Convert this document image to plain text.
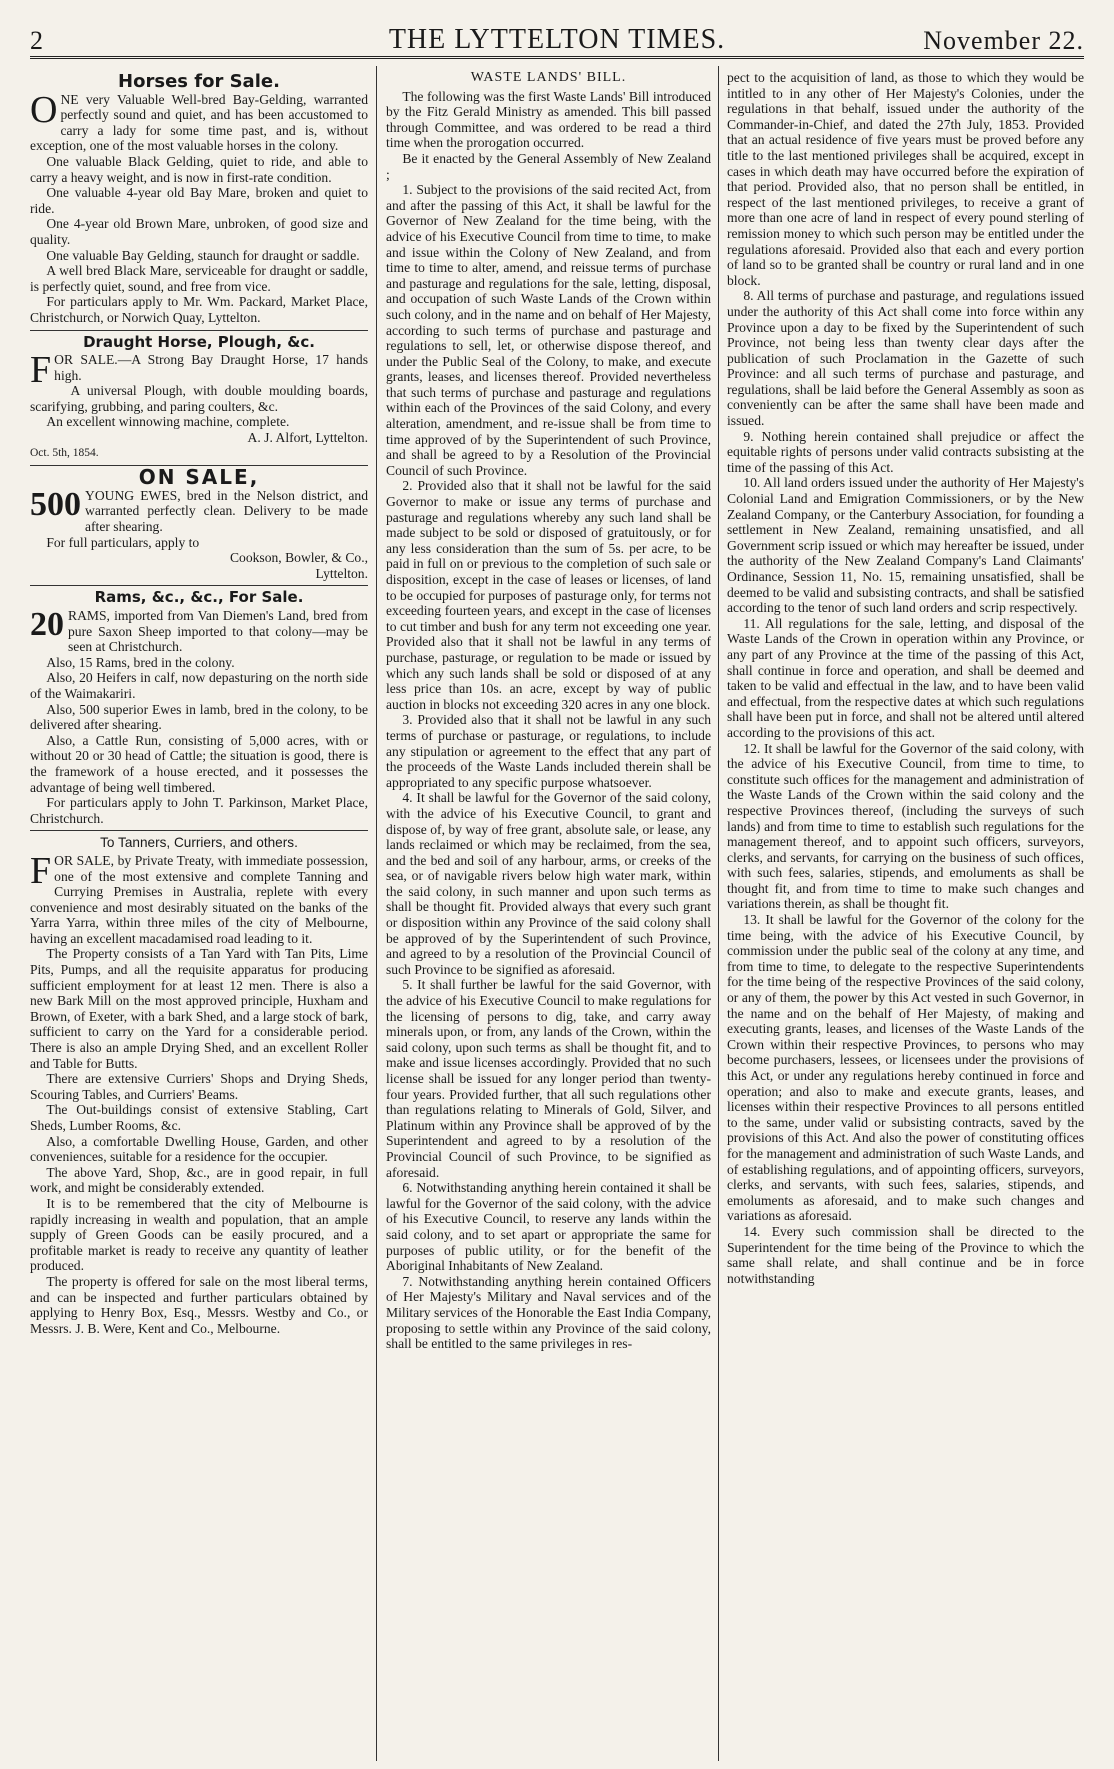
2	THE LYTTELTON TIMES.	November 22.
Horses for Sale.

ONE very Valuable Well-bred Bay-Gelding, warranted perfectly sound and quiet, and has been accustomed to carry a lady for some time past, and is, without exception, one of the most valuable horses in the colony.

One valuable Black Gelding, quiet to ride, and able to carry a heavy weight, and is now in first-rate condition.

One valuable 4-year old Bay Mare, broken and quiet to ride.

One 4-year old Brown Mare, unbroken, of good size and quality.

One valuable Bay Gelding, staunch for draught or saddle.

A well bred Black Mare, serviceable for draught or saddle, is perfectly quiet, sound, and free from vice.

For particulars apply to Mr. Wm. Packard, Market Place, Christchurch, or Norwich Quay, Lyttelton.

Draught Horse, Plough, &c.

FOR SALE.—A Strong Bay Draught Horse, 17 hands high.

A universal Plough, with double moulding boards, scarifying, grubbing, and paring coulters, &c.

An excellent winnowing machine, complete.

A. J. Alfort, Lyttelton.

Oct. 5th, 1854.

ON SALE,

500 YOUNG EWES, bred in the Nelson district, and warranted perfectly clean. Delivery to be made after shearing.

For full particulars, apply to

Cookson, Bowler, & Co.,

Lyttelton.

Rams, &c., &c., For Sale.

20 RAMS, imported from Van Diemen's Land, bred from pure Saxon Sheep imported to that colony—may be seen at Christchurch.

Also, 15 Rams, bred in the colony.

Also, 20 Heifers in calf, now depasturing on the north side of the Waimakariri.

Also, 500 superior Ewes in lamb, bred in the colony, to be delivered after shearing.

Also, a Cattle Run, consisting of 5,000 acres, with or without 20 or 30 head of Cattle; the situation is good, there is the framework of a house erected, and it possesses the advantage of being well timbered.

For particulars apply to John T. Parkinson, Market Place, Christchurch.

To Tanners, Curriers, and others.

FOR SALE, by Private Treaty, with immediate possession, one of the most extensive and complete Tanning and Currying Premises in Australia, replete with every convenience and most desirably situated on the banks of the Yarra Yarra, within three miles of the city of Melbourne, having an excellent macadamised road leading to it.

The Property consists of a Tan Yard with Tan Pits, Lime Pits, Pumps, and all the requisite apparatus for producing sufficient employment for at least 12 men. There is also a new Bark Mill on the most approved principle, Huxham and Brown, of Exeter, with a bark Shed, and a large stock of bark, sufficient to carry on the Yard for a considerable period. There is also an ample Drying Shed, and an excellent Roller and Table for Butts.

There are extensive Curriers' Shops and Drying Sheds, Scouring Tables, and Curriers' Beams.

The Out-buildings consist of extensive Stabling, Cart Sheds, Lumber Rooms, &c.

Also, a comfortable Dwelling House, Garden, and other conveniences, suitable for a residence for the occupier.

The above Yard, Shop, &c., are in good repair, in full work, and might be considerably extended.

It is to be remembered that the city of Melbourne is rapidly increasing in wealth and population, that an ample supply of Green Goods can be easily procured, and a profitable market is ready to receive any quantity of leather produced.

The property is offered for sale on the most liberal terms, and can be inspected and further particulars obtained by applying to Henry Box, Esq., Messrs. Westby and Co., or Messrs. J. B. Were, Kent and Co., Melbourne.

WASTE LANDS' BILL.

The following was the first Waste Lands' Bill introduced by the Fitz Gerald Ministry as amended. This bill passed through Committee, and was ordered to be read a third time when the prorogation occurred.

Be it enacted by the General Assembly of New Zealand ;

1. Subject to the provisions of the said recited Act, from and after the passing of this Act, it shall be lawful for the Governor of New Zealand for the time being, with the advice of his Executive Council from time to time, to make and issue within the Colony of New Zealand, and from time to time to alter, amend, and reissue terms of purchase and pasturage and regulations for the sale, letting, disposal, and occupation of such Waste Lands of the Crown within such colony, and in the name and on behalf of Her Majesty, according to such terms of purchase and pasturage and regulations to sell, let, or otherwise dispose thereof, and under the Public Seal of the Colony, to make, and execute grants, leases, and licenses thereof. Provided nevertheless that such terms of purchase and pasturage and regulations within each of the Provinces of the said Colony, and every alteration, amendment, and re-issue shall be from time to time approved of by the Superintendent of such Province, and shall be agreed to by a Resolution of the Provincial Council of such Province.

2. Provided also that it shall not be lawful for the said Governor to make or issue any terms of purchase and pasturage and regulations whereby any such land shall be made subject to be sold or disposed of gratuitously, or for any less consideration than the sum of 5s. per acre, to be paid in full on or previous to the completion of such sale or disposition, except in the case of leases or licenses, of land to be occupied for purposes of pasturage only, for terms not exceeding fourteen years, and except in the case of licenses to cut timber and bush for any term not exceeding one year. Provided also that it shall not be lawful in any terms of purchase, pasturage, or regulation to be made or issued by which any such lands shall be sold or disposed of at any less price than 10s. an acre, except by way of public auction in blocks not exceeding 320 acres in any one block.

3. Provided also that it shall not be lawful in any such terms of purchase or pasturage, or regulations, to include any stipulation or agreement to the effect that any part of the proceeds of the Waste Lands included therein shall be appropriated to any specific purpose whatsoever.

4. It shall be lawful for the Governor of the said colony, with the advice of his Executive Council, to grant and dispose of, by way of free grant, absolute sale, or lease, any lands reclaimed or which may be reclaimed, from the sea, and the bed and soil of any harbour, arms, or creeks of the sea, or of navigable rivers below high water mark, within the said colony, in such manner and upon such terms as shall be thought fit. Provided always that every such grant or disposition within any Province of the said colony shall be approved of by the Superintendent of such Province, and agreed to by a resolution of the Provincial Council of such Province to be signified as aforesaid.

5. It shall further be lawful for the said Governor, with the advice of his Executive Council to make regulations for the licensing of persons to dig, take, and carry away minerals upon, or from, any lands of the Crown, within the said colony, upon such terms as shall be thought fit, and to make and issue licenses accordingly. Provided that no such license shall be issued for any longer period than twenty-four years. Provided further, that all such regulations other than regulations relating to Minerals of Gold, Silver, and Platinum within any Province shall be approved of by the Superintendent and agreed to by a resolution of the Provincial Council of such Province, to be signified as aforesaid.

6. Notwithstanding anything herein contained it shall be lawful for the Governor of the said colony, with the advice of his Executive Council, to reserve any lands within the said colony, and to set apart or appropriate the same for purposes of public utility, or for the benefit of the Aboriginal Inhabitants of New Zealand.

7. Notwithstanding anything herein contained Officers of Her Majesty's Military and Naval services and of the Military services of the Honorable the East India Company, proposing to settle within any Province of the said colony, shall be entitled to the same privileges in res-

pect to the acquisition of land, as those to which they would be intitled to in any other of Her Majesty's Colonies, under the regulations in that behalf, issued under the authority of the Commander-in-Chief, and dated the 27th July, 1853. Provided that an actual residence of five years must be proved before any title to the last mentioned privileges shall be acquired, except in cases in which death may have occurred before the expiration of that period. Provided also, that no person shall be entitled, in respect of the last mentioned privileges, to receive a grant of more than one acre of land in respect of every pound sterling of remission money to which such person may be entitled under the regulations aforesaid. Provided also that each and every portion of land so to be granted shall be country or rural land and in one block.

8. All terms of purchase and pasturage, and regulations issued under the authority of this Act shall come into force within any Province upon a day to be fixed by the Superintendent of such Province, not being less than twenty clear days after the publication of such Proclamation in the Gazette of such Province: and all such terms of purchase and pasturage, and regulations, shall be laid before the General Assembly as soon as conveniently can be after the same shall have been made and issued.

9. Nothing herein contained shall prejudice or affect the equitable rights of persons under valid contracts subsisting at the time of the passing of this Act.

10. All land orders issued under the authority of Her Majesty's Colonial Land and Emigration Commissioners, or by the New Zealand Company, or the Canterbury Association, for founding a settlement in New Zealand, remaining unsatisfied, and all Government scrip issued or which may hereafter be issued, under the authority of the New Zealand Company's Land Claimants' Ordinance, Session 11, No. 15, remaining unsatisfied, shall be deemed to be valid and subsisting contracts, and shall be satisfied according to the tenor of such land orders and scrip respectively.

11. All regulations for the sale, letting, and disposal of the Waste Lands of the Crown in operation within any Province, or any part of any Province at the time of the passing of this Act, shall continue in force and operation, and shall be deemed and taken to be valid and effectual in the law, and to have been valid and effectual, from the respective dates at which such regulations shall have been put in force, and shall not be altered until altered according to the provisions of this act.

12. It shall be lawful for the Governor of the said colony, with the advice of his Executive Council, from time to time, to constitute such offices for the management and administration of the Waste Lands of the Crown within the said colony and the respective Provinces thereof, (including the surveys of such lands) and from time to time to establish such regulations for the management thereof, and to appoint such officers, surveyors, clerks, and servants, for carrying on the business of such offices, with such fees, salaries, stipends, and emoluments as shall be thought fit, and from time to time to make such changes and variations therein, as shall be thought fit.

13. It shall be lawful for the Governor of the colony for the time being, with the advice of his Executive Council, by commission under the public seal of the colony at any time, and from time to time, to delegate to the respective Superintendents for the time being of the respective Provinces of the said colony, or any of them, the power by this Act vested in such Governor, in the name and on the behalf of Her Majesty, of making and executing grants, leases, and licenses of the Waste Lands of the Crown within their respective Provinces, to persons who may become purchasers, lessees, or licensees under the provisions of this Act, or under any regulations hereby continued in force and operation; and also to make and execute grants, leases, and licenses within their respective Provinces to all persons entitled to the same, under valid or subsisting contracts, saved by the provisions of this Act. And also the power of constituting offices for the management and administration of such Waste Lands, and of establishing regulations, and of appointing officers, surveyors, clerks, and servants, with such fees, salaries, stipends, and emoluments as aforesaid, and to make such changes and variations as aforesaid.

14. Every such commission shall be directed to the Superintendent for the time being of the Province to which the same shall relate, and shall continue and be in force notwithstanding
